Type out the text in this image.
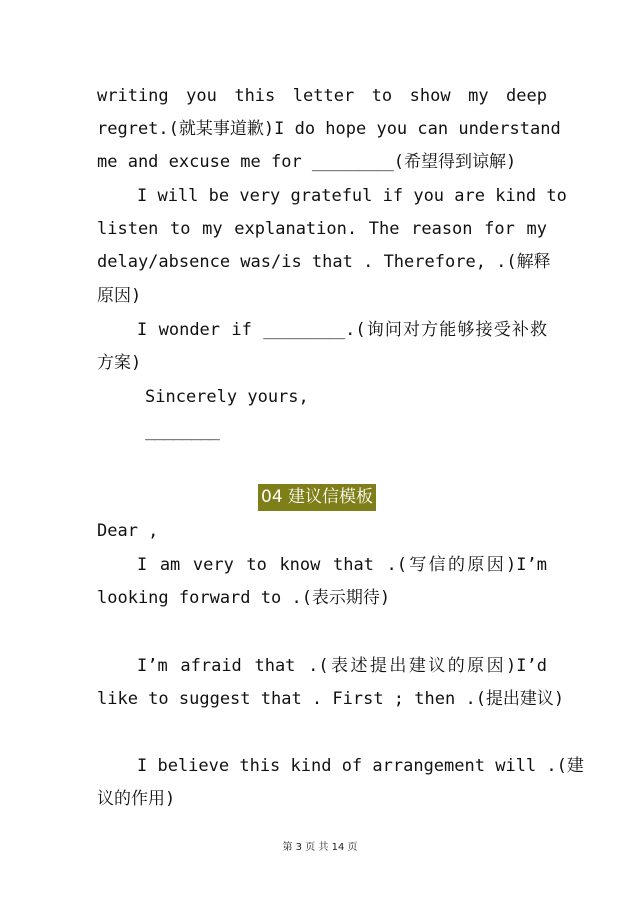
writing you this letter to show my deep
regret.(就某事道歉)I do hope you can understand
me and excuse me for ________(希望得到谅解)
I will be very grateful if you are kind to
listen to my explanation. The reason for my
delay/absence was/is that . Therefore, .(解释
原因)
I wonder if ________.(询问对方能够接受补救
方案)
Sincerely yours,
________
04 建议信模板
Dear ,
I am very to know that .(写信的原因)I’m
looking forward to .(表示期待)
I’m afraid that .(表述提出建议的原因)I’d
like to suggest that . First ; then .(提出建议)
I believe this kind of arrangement will .(建
议的作用)
第 3 页 共 14 页
